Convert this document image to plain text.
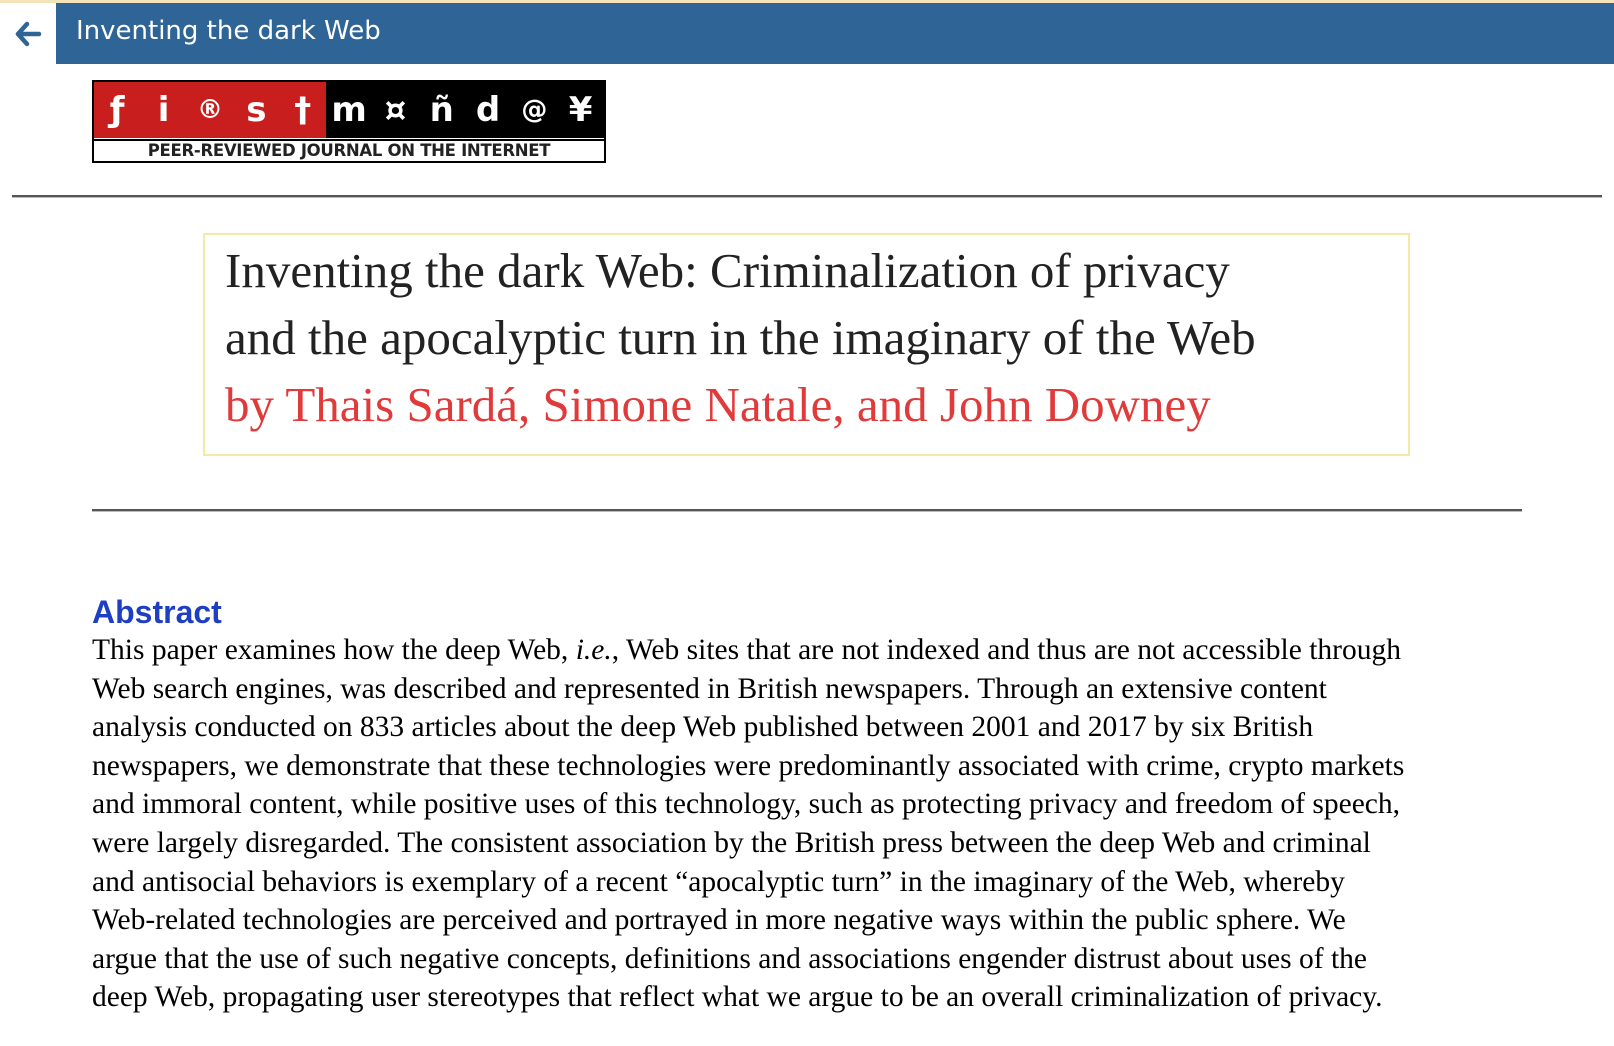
Inventing the dark Web
ƒ i	® s † m ¤ ñ d @ ¥
PEER-REVIEWED JOURNAL ON THE INTERNET
Inventing the dark Web: Criminalization of privacy
and the apocalyptic turn in the imaginary of the Web
by Thais Sardá, Simone Natale, and John Downey
Abstract
This paper examines how the deep Web, i.e., Web sites that are not indexed and thus are not accessible through
Web search engines, was described and represented in British newspapers. Through an extensive content
analysis conducted on 833 articles about the deep Web published between 2001 and 2017 by six British
newspapers, we demonstrate that these technologies were predominantly associated with crime, crypto markets
and immoral content, while positive uses of this technology, such as protecting privacy and freedom of speech,
were largely disregarded. The consistent association by the British press between the deep Web and criminal
and antisocial behaviors is exemplary of a recent “apocalyptic turn” in the imaginary of the Web, whereby
Web-related technologies are perceived and portrayed in more negative ways within the public sphere. We
argue that the use of such negative concepts, definitions and associations engender distrust about uses of the
deep Web, propagating user stereotypes that reflect what we argue to be an overall criminalization of privacy.
